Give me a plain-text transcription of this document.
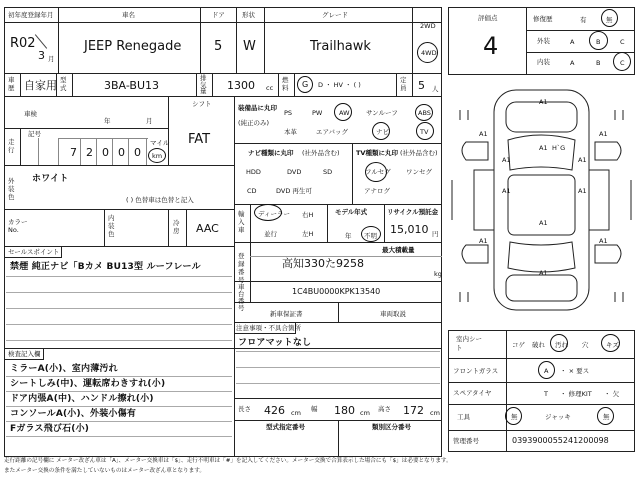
初年度登録年月
R02
3 月
車名
JEEP Renegade
ドア
5
形状
W
グレード
Trailhawk
2WD
4WD
車歴 自家用 型式	3BA-BU13
排気量 1300 cc
燃料 G D ・ HV ・ ( )
定員 5 人
車検
年	月
シフト
FAT
走行
記号
7 2 0 0 0
マイル
km
外装色
ホワイト
( ) 色替車は色替と記入
カラーNo.
内装色
冷房 AAC
セールスポイント
禁煙 純正ナビ「Bカメ BU13型 ルーフレール
検査記入欄
ミラーA(小)、室内薄汚れ
シートしみ(中)、運転席わきすれ(小)
ドア内張A(中)、ハンドル擦れ(小)
コンソールA(小)、外装小傷有
Fガラス飛び石(小)
装備品に丸印
(純正のみ)
PS	PW	AW	サンルーフ	ABS
本革	エアバッグ	ナビ	TV
ナビ種類に丸印 (社外品含む)	TV種類に丸印 (社外品含む)
HDD	DVD	SD
CD	DVD 再生可
フルセグ ワンセグ
アナログ
輸入車
ディーラー
並行
右H
左H
モデル年式
年 不明
リサイクル預託金
15,010 円
最大積載量
登録番号
高知330た9258
kg
車台番号
1C4BU0000KPK13540
新車保証書	車両取説
注意事項・不具合箇所
フロアマットなし
長さ 426 cm 幅 180 cm 高さ 172 cm
型式指定番号	類別区分番号
評価点
4
修復歴	有	無
外装	A	B	C
内装	A	B	C
A1
A1	A1
A1	A1
A1 H`G
A1	A1
A1	A1
A1
A1
室内シート	コゲ 破れ 汚れ 穴	キズ
フロントガラス	A ・ × 要ス
スペアタイヤ	T ・ 修理KIT ・ 欠
工具	無	ジャッキ	無
管理番号	0393900055241200098
走行距離の記号欄に メーター改ざん車は「A」、メーター交換車は「$」、走行不明車は「#」を記入してください。メーター交換で合算表示した場合にも「$」は必要となります。
またメーター交換の条件を満たしていないものはメーター改ざん車となります。
